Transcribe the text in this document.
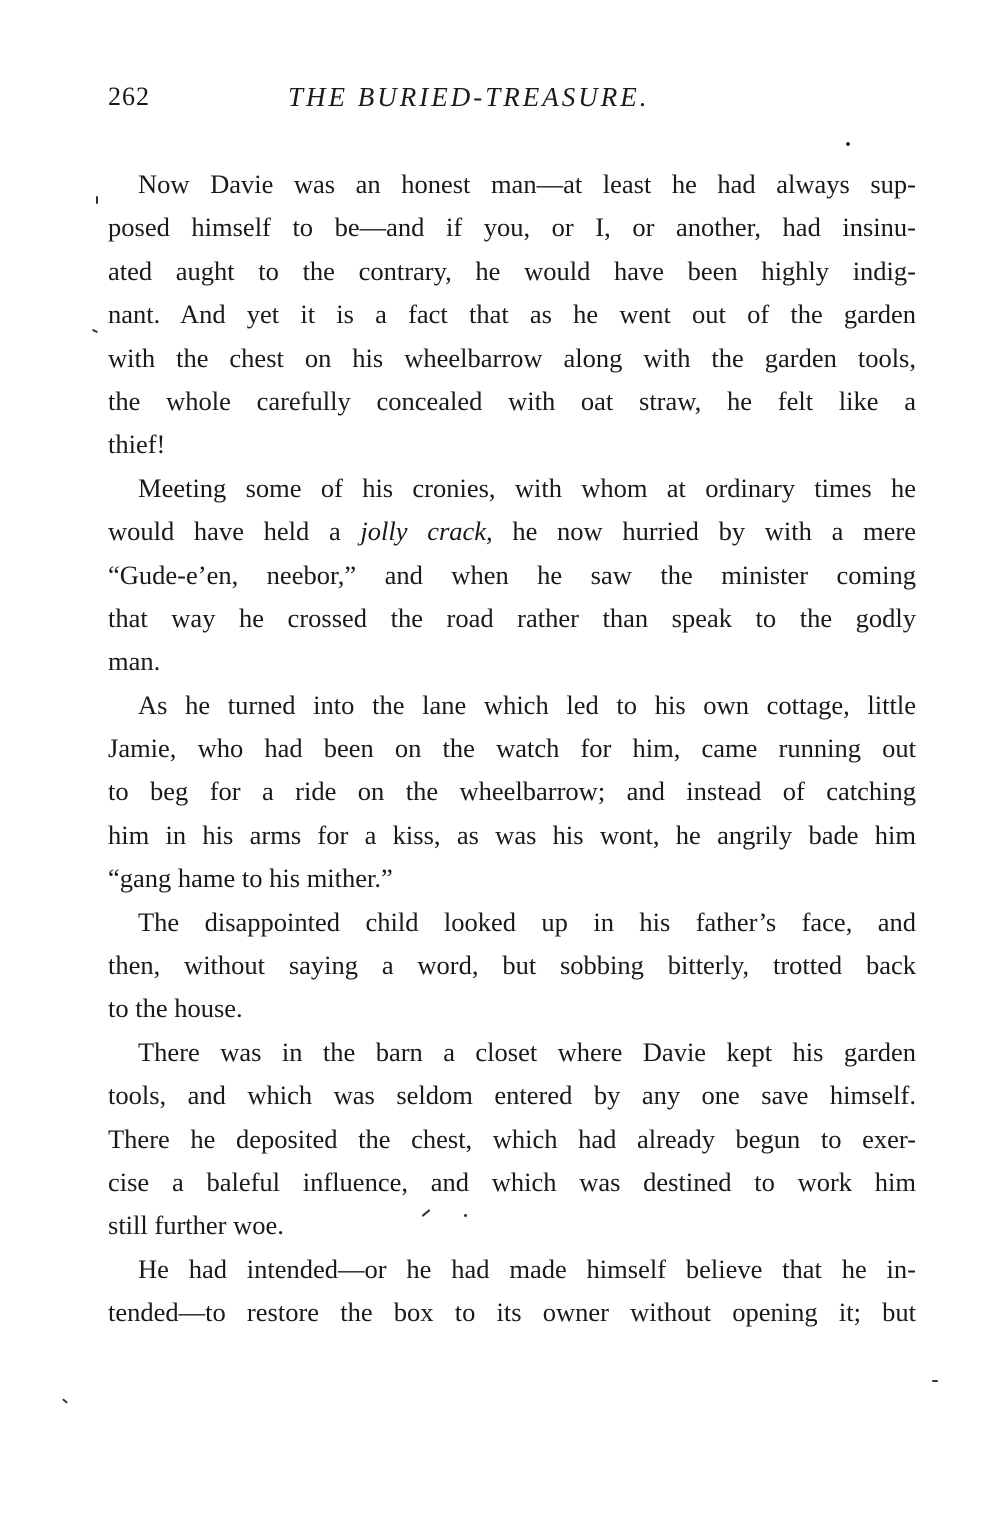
262	THE BURIED-TREASURE.
Now Davie was an honest man—at least he had always sup-
posed himself to be—and if you, or I, or another, had insinu-
ated aught to the contrary, he would have been highly indig-
nant. And yet it is a fact that as he went out of the garden
with the chest on his wheelbarrow along with the garden tools,
the whole carefully concealed with oat straw, he felt like a
thief!
Meeting some of his cronies, with whom at ordinary times he
would have held a jolly crack, he now hurried by with a mere
“Gude-e’en, neebor,” and when he saw the minister coming
that way he crossed the road rather than speak to the godly
man.
As he turned into the lane which led to his own cottage, little
Jamie, who had been on the watch for him, came running out
to beg for a ride on the wheelbarrow; and instead of catching
him in his arms for a kiss, as was his wont, he angrily bade him
“gang hame to his mither.”
The disappointed child looked up in his father’s face, and
then, without saying a word, but sobbing bitterly, trotted back
to the house.
There was in the barn a closet where Davie kept his garden
tools, and which was seldom entered by any one save himself.
There he deposited the chest, which had already begun to exer-
cise a baleful influence, and which was destined to work him
still further woe.
He had intended—or he had made himself believe that he in-
tended—to restore the box to its owner without opening it; but
